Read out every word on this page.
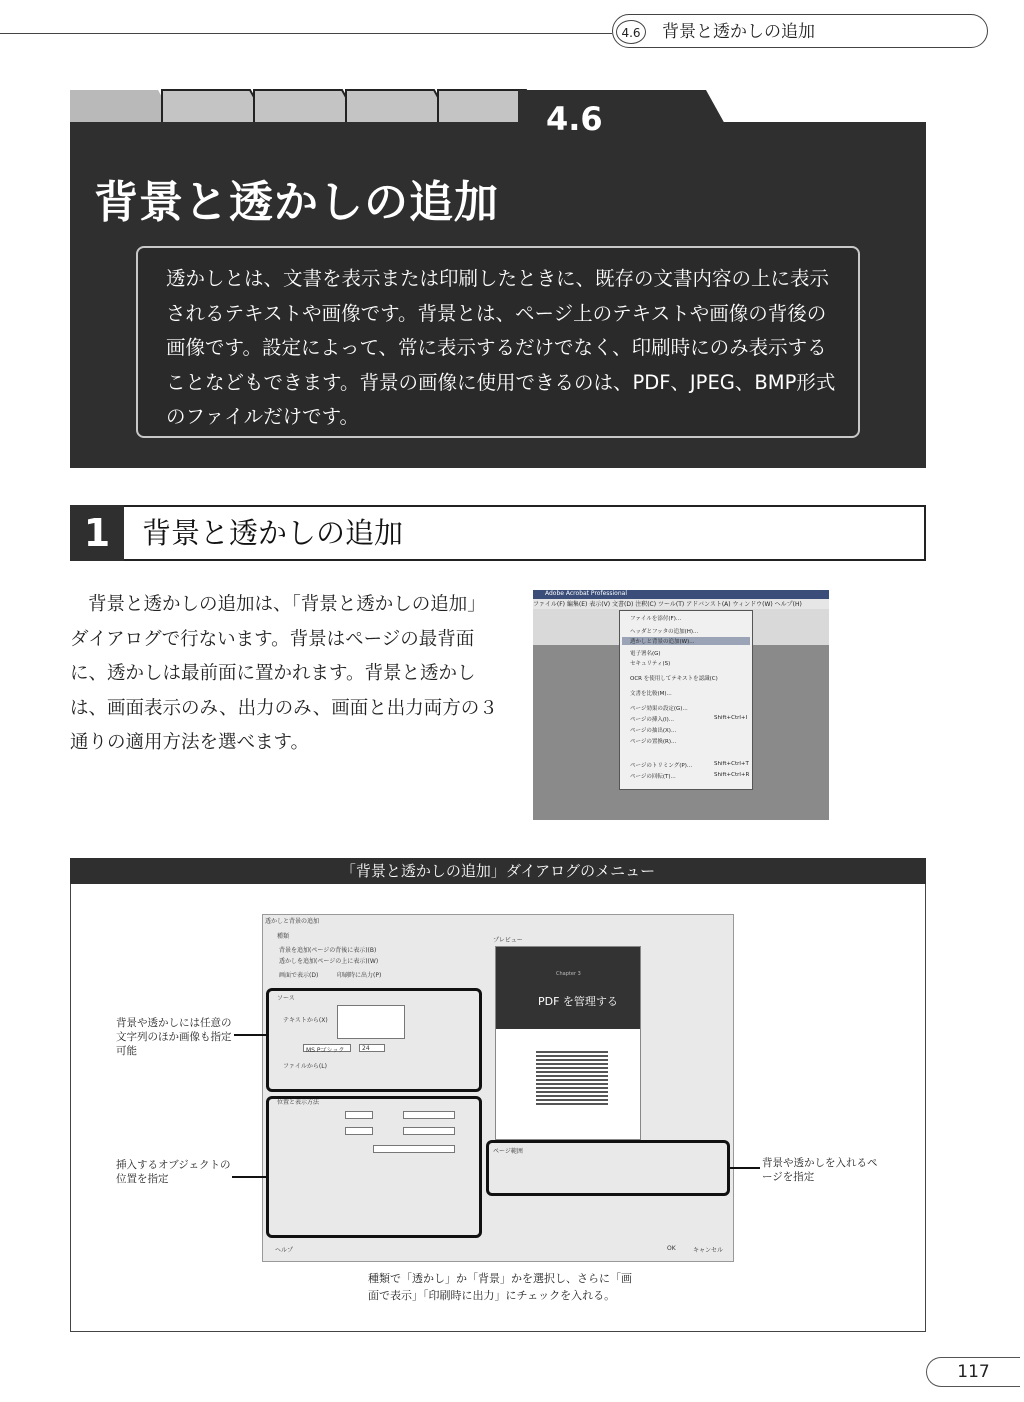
4.6	背景と透かしの追加
4.6
背景と透かしの追加
透かしとは、文書を表示または印刷したときに、既存の文書内容の上に表示されるテキストや画像です。背景とは、ページ上のテキストや画像の背後の画像です。設定によって、常に表示するだけでなく、印刷時にのみ表示することなどもできます。背景の画像に使用できるのは、PDF、JPEG、BMP形式のファイルだけです。
1	背景と透かしの追加
背景と透かしの追加は、「背景と透かしの追加」ダイアログで行ないます。背景はページの最背面に、透かしは最前面に置かれます。背景と透かしは、画面表示のみ、出力のみ、画面と出力両方の３通りの適用方法を選べます。
Adobe Acrobat Professional
ファイル(F) 編集(E) 表示(V) 文書(D) 注釈(C) ツール(T) アドバンスト(A) ウィンドウ(W) ヘルプ(H)
ファイルを添付(F)...
ヘッダとフッタの追加(H)...
透かしと背景の追加(W)...
電子署名(G)
セキュリティ(S)
OCR を使用してテキストを認識(C)
文書を比較(M)...
ページ効果の設定(G)...
ページの挿入(I)...
ページの抽出(X)...
ページの置換(R)...
ページのトリミング(P)...
ページの回転(T)...
Shift+Ctrl+I
Shift+Ctrl+T
Shift+Ctrl+R
「背景と透かしの追加」ダイアログのメニュー
透かしと背景の追加
種類
背景を追加(ページの背後に表示)(B)
透かしを追加(ページの上に表示)(W)
画面で表示(D)	印刷時に出力(P)
ソース
テキストから(X)
MS Pゴシック	24
ファイルから(L)
位置と表示方法
プレビュー
ページ範囲
ヘルプ	OK	キャンセル
Chapter 3
PDF を管理する
背景や透かしには任意の文字列のほか画像も指定可能
挿入するオブジェクトの位置を指定
背景や透かしを入れるページを指定
種類で「透かし」か「背景」かを選択し、さらに「画面で表示」「印刷時に出力」にチェックを入れる。
117
